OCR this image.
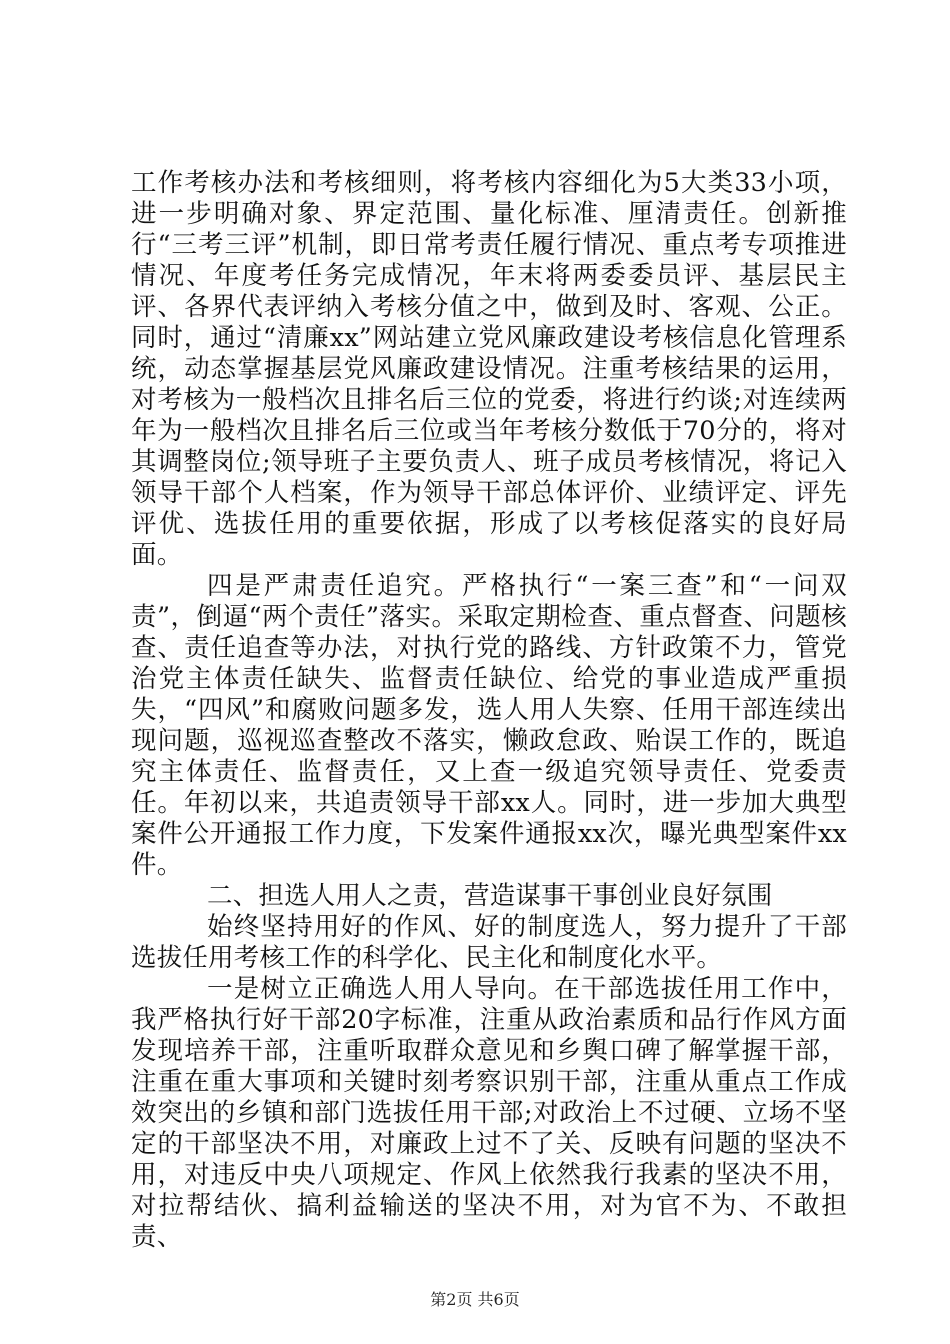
工作考核办法和考核细则，将考核内容细化为5大类33小项，进一步明确对象、界定范围、量化标准、厘清责任。创新推行“三考三评”机制，即日常考责任履行情况、重点考专项推进情况、年度考任务完成情况，年末将两委委员评、基层民主评、各界代表评纳入考核分值之中，做到及时、客观、公正。同时，通过“清廉xx”网站建立党风廉政建设考核信息化管理系统，动态掌握基层党风廉政建设情况。注重考核结果的运用，对考核为一般档次且排名后三位的党委，将进行约谈;对连续两年为一般档次且排名后三位或当年考核分数低于70分的，将对其调整岗位;领导班子主要负责人、班子成员考核情况，将记入领导干部个人档案，作为领导干部总体评价、业绩评定、评先评优、选拔任用的重要依据，形成了以考核促落实的良好局面。

四是严肃责任追究。严格执行“一案三查”和“一问双责”，倒逼“两个责任”落实。采取定期检查、重点督查、问题核查、责任追查等办法，对执行党的路线、方针政策不力，管党治党主体责任缺失、监督责任缺位、给党的事业造成严重损失，“四风”和腐败问题多发，选人用人失察、任用干部连续出现问题，巡视巡查整改不落实，懒政怠政、贻误工作的，既追究主体责任、监督责任，又上查一级追究领导责任、党委责任。年初以来，共追责领导干部xx人。同时，进一步加大典型案件公开通报工作力度，下发案件通报xx次，曝光典型案件xx件。

二、担选人用人之责，营造谋事干事创业良好氛围

始终坚持用好的作风、好的制度选人，努力提升了干部选拔任用考核工作的科学化、民主化和制度化水平。

一是树立正确选人用人导向。在干部选拔任用工作中，我严格执行好干部20字标准，注重从政治素质和品行作风方面发现培养干部，注重听取群众意见和乡舆口碑了解掌握干部，注重在重大事项和关键时刻考察识别干部，注重从重点工作成效突出的乡镇和部门选拔任用干部;对政治上不过硬、立场不坚定的干部坚决不用，对廉政上过不了关、反映有问题的坚决不用，对违反中央八项规定、作风上依然我行我素的坚决不用，对拉帮结伙、搞利益输送的坚决不用，对为官不为、不敢担责、

第2页 共6页
